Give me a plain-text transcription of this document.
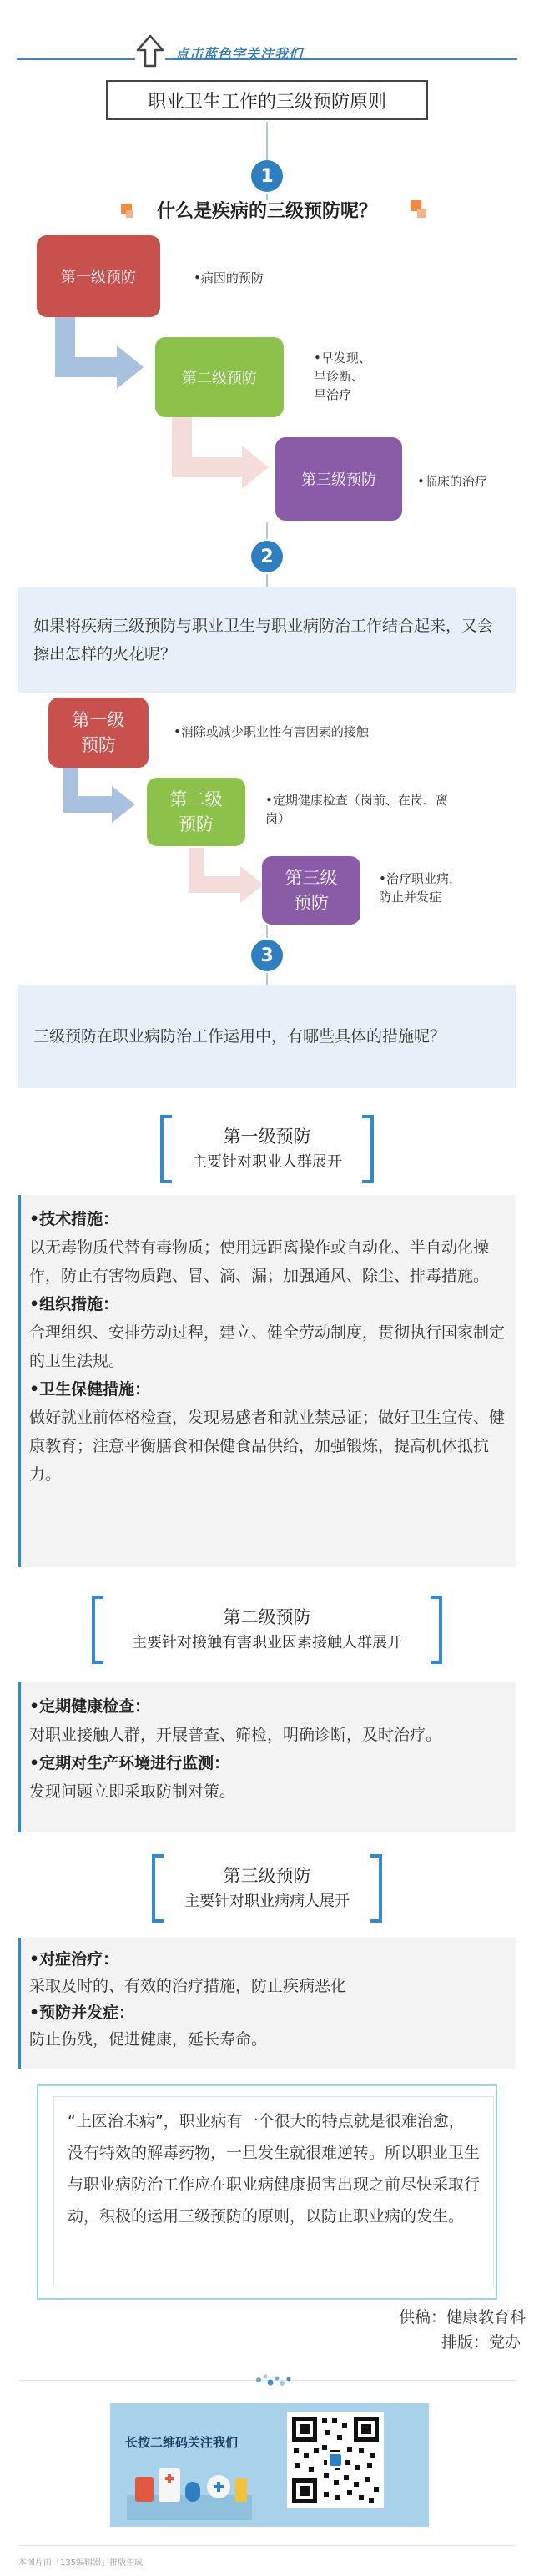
点击蓝色字关注我们
职业卫生工作的三级预防原则
1
什么是疾病的三级预防呢？
第一级预防	•病因的预防
第二级预防
•早发现、
早诊断、
早治疗
第三级预防	•临床的治疗
2
如果将疾病三级预防与职业卫生与职业病防治工作结合起来，又会擦出怎样的火花呢？
第一级
预防
•消除或减少职业性有害因素的接触
第二级
预防
•定期健康检查（岗前、在岗、离
岗）
第三级
预防
•治疗职业病，
防止并发症
3
三级预防在职业病防治工作运用中，有哪些具体的措施呢？
第一级预防
主要针对职业人群展开
•技术措施：
以无毒物质代替有毒物质；使用远距离操作或自动化、半自动化操作，防止有害物质跑、冒、滴、漏；加强通风、除尘、排毒措施。
•组织措施：
合理组织、安排劳动过程，建立、健全劳动制度，贯彻执行国家制定的卫生法规。
•卫生保健措施：
做好就业前体格检查，发现易感者和就业禁忌证；做好卫生宣传、健康教育；注意平衡膳食和保健食品供给，加强锻炼，提高机体抵抗力。
第二级预防
主要针对接触有害职业因素接触人群展开
•定期健康检查：
对职业接触人群，开展普查、筛检，明确诊断，及时治疗。
•定期对生产环境进行监测：
发现问题立即采取防制对策。
第三级预防
主要针对职业病病人展开
•对症治疗：
采取及时的、有效的治疗措施，防止疾病恶化
•预防并发症：
防止伤残，促进健康，延长寿命。
“上医治未病”，职业病有一个很大的特点就是很难治愈，没有特效的解毒药物，一旦发生就很难逆转。所以职业卫生与职业病防治工作应在职业病健康损害出现之前尽快采取行动，积极的运用三级预防的原则，以防止职业病的发生。
供稿：健康教育科
排版：党办
长按二维码关注我们
本图片由「135编辑器」排版生成
